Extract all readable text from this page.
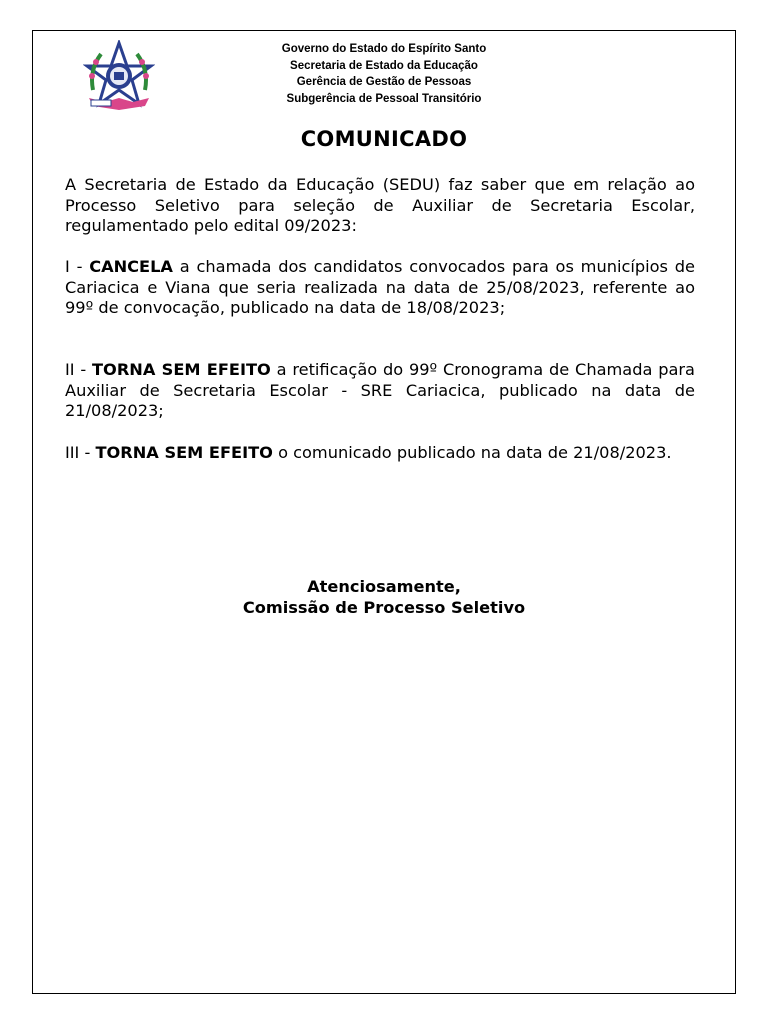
Governo do Estado do Espírito Santo
Secretaria de Estado da Educação
Gerência de Gestão de Pessoas
Subgerência de Pessoal Transitório
COMUNICADO

A Secretaria de Estado da Educação (SEDU) faz saber que em relação ao Processo Seletivo para seleção de Auxiliar de Secretaria Escolar, regulamentado pelo edital 09/2023:

I - CANCELA a chamada dos candidatos convocados para os municípios de Cariacica e Viana que seria realizada na data de 25/08/2023, referente ao 99º de convocação, publicado na data de 18/08/2023;

II - TORNA SEM EFEITO a retificação do 99º Cronograma de Chamada para Auxiliar de Secretaria Escolar - SRE Cariacica, publicado na data de 21/08/2023;

III - TORNA SEM EFEITO o comunicado publicado na data de 21/08/2023.

Atenciosamente,
Comissão de Processo Seletivo
